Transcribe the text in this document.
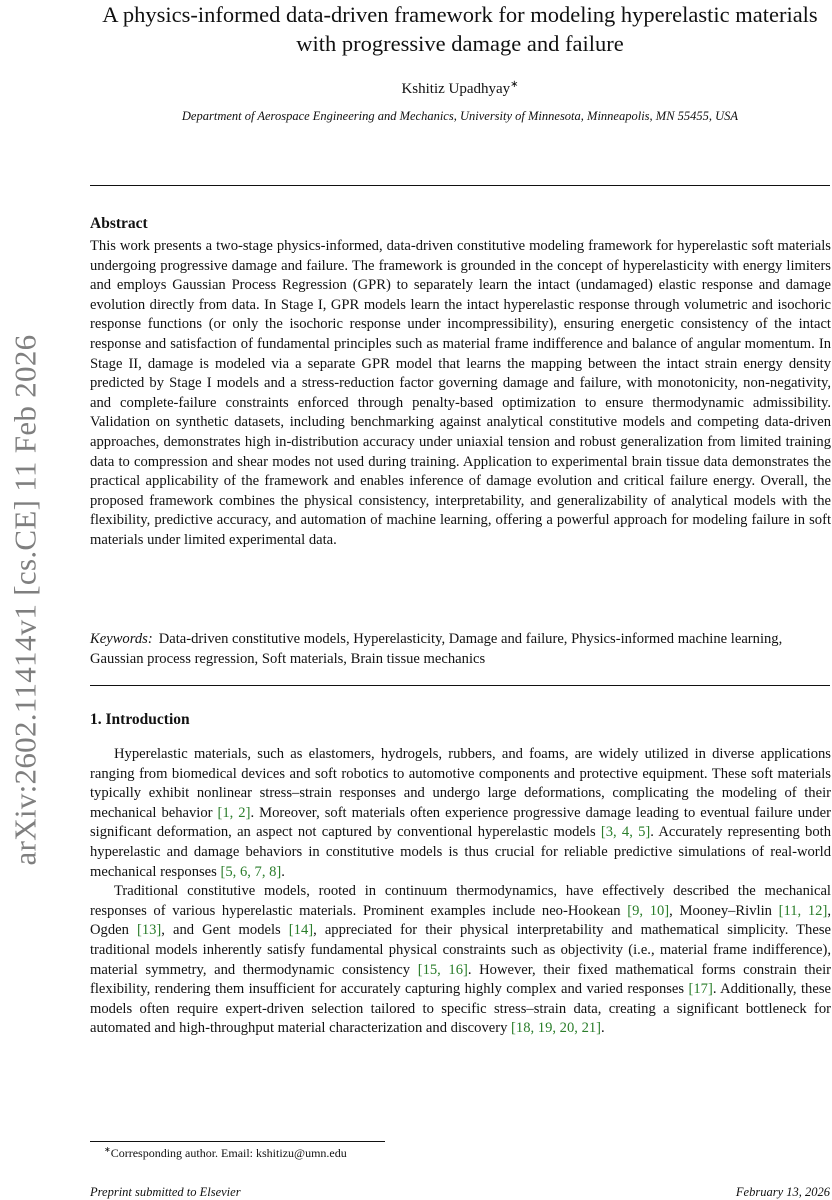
arXiv:2602.11414v1 [cs.CE] 11 Feb 2026
A physics-informed data-driven framework for modeling hyperelastic materials with progressive damage and failure
Kshitiz Upadhyay∗
Department of Aerospace Engineering and Mechanics, University of Minnesota, Minneapolis, MN 55455, USA
Abstract

This work presents a two-stage physics-informed, data-driven constitutive modeling framework for hyperelastic soft materials undergoing progressive damage and failure. The framework is grounded in the concept of hyperelasticity with energy limiters and employs Gaussian Process Regression (GPR) to separately learn the intact (undamaged) elastic response and damage evolution directly from data. In Stage I, GPR models learn the intact hyperelastic response through volumetric and isochoric response functions (or only the isochoric response under incompressibility), ensuring energetic consistency of the intact response and satisfaction of fundamental principles such as material frame indifference and balance of angular momentum. In Stage II, damage is modeled via a separate GPR model that learns the mapping between the intact strain energy density predicted by Stage I models and a stress-reduction factor governing damage and failure, with monotonicity, non-negativity, and complete-failure constraints enforced through penalty-based optimization to ensure thermodynamic admissibility. Validation on synthetic datasets, including benchmarking against analytical constitutive models and competing data-driven approaches, demonstrates high in-distribution accuracy under uniaxial tension and robust generalization from limited training data to compression and shear modes not used during training. Application to experimental brain tissue data demonstrates the practical applicability of the framework and enables inference of damage evolution and critical failure energy. Overall, the proposed framework combines the physical consistency, interpretability, and generalizability of analytical models with the flexibility, predictive accuracy, and automation of machine learning, offering a powerful approach for modeling failure in soft materials under limited experimental data.

Keywords: Data-driven constitutive models, Hyperelasticity, Damage and failure, Physics-informed machine learning, Gaussian process regression, Soft materials, Brain tissue mechanics

1. Introduction

Hyperelastic materials, such as elastomers, hydrogels, rubbers, and foams, are widely utilized in diverse applications ranging from biomedical devices and soft robotics to automotive components and protective equipment. These soft materials typically exhibit nonlinear stress–strain responses and undergo large deformations, complicating the modeling of their mechanical behavior [1, 2]. Moreover, soft materials often experience progressive damage leading to eventual failure under significant deformation, an aspect not captured by conventional hyperelastic models [3, 4, 5]. Accurately representing both hyperelastic and damage behaviors in constitutive models is thus crucial for reliable predictive simulations of real-world mechanical responses [5, 6, 7, 8].

Traditional constitutive models, rooted in continuum thermodynamics, have effectively described the mechanical responses of various hyperelastic materials. Prominent examples include neo-Hookean [9, 10], Mooney–Rivlin [11, 12], Ogden [13], and Gent models [14], appreciated for their physical interpretability and mathematical simplicity. These traditional models inherently satisfy fundamental physical constraints such as objectivity (i.e., material frame indifference), material symmetry, and thermodynamic consistency [15, 16]. However, their fixed mathematical forms constrain their flexibility, rendering them insufficient for accurately capturing highly complex and varied responses [17]. Additionally, these models often require expert-driven selection tailored to specific stress–strain data, creating a significant bottleneck for automated and high-throughput material characterization and discovery [18, 19, 20, 21].

∗Corresponding author. Email: kshitizu@umn.edu
Preprint submitted to Elsevier	February 13, 2026
